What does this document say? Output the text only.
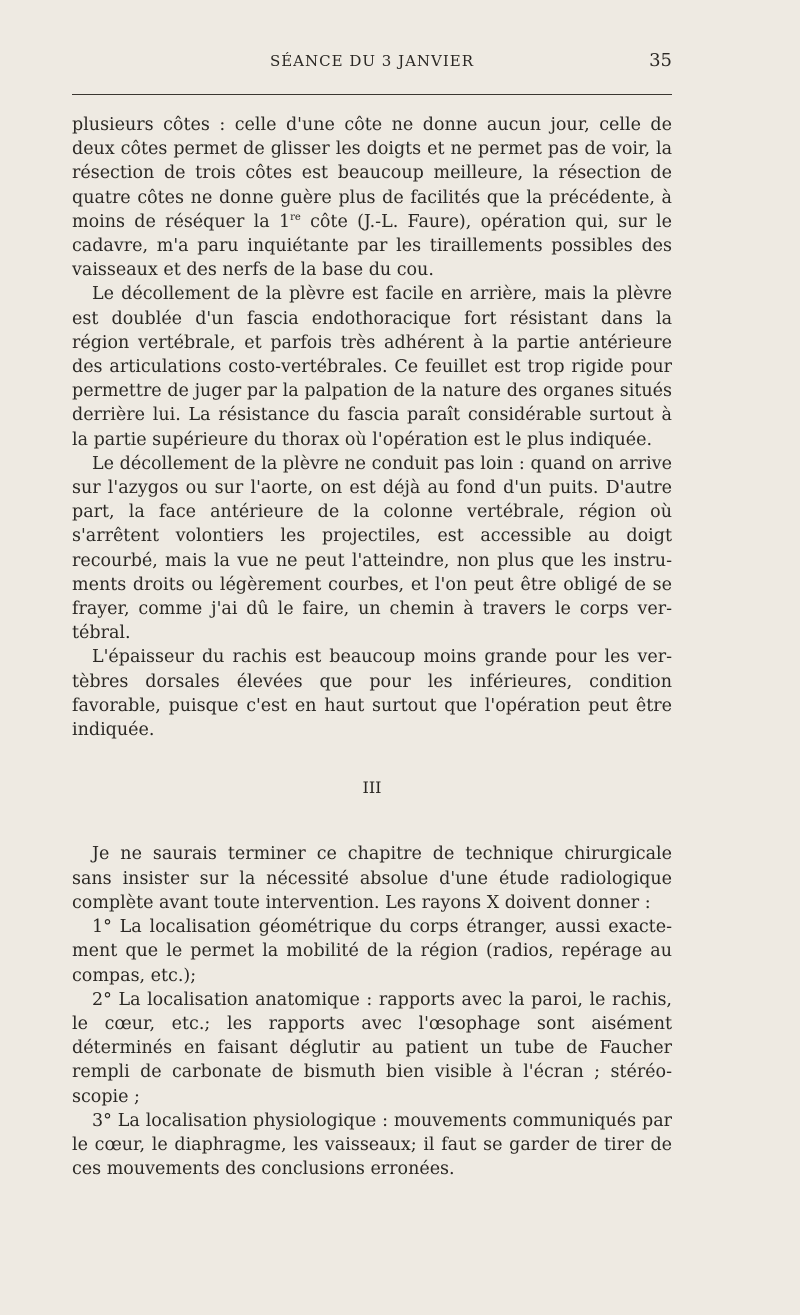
SÉANCE DU 3 JANVIER	35

plusieurs côtes : celle d'une côte ne donne aucun jour, celle de deux côtes permet de glisser les doigts et ne permet pas de voir, la résection de trois côtes est beaucoup meilleure, la résection de quatre côtes ne donne guère plus de facilités que la précédente, à moins de réséquer la 1re côte (J.-L. Faure), opération qui, sur le cadavre, m'a paru inquiétante par les tiraillements possibles des vaisseaux et des nerfs de la base du cou.

Le décollement de la plèvre est facile en arrière, mais la plèvre est doublée d'un fascia endothoracique fort résistant dans la région vertébrale, et parfois très adhérent à la partie antérieure des articulations costo-vertébrales. Ce feuillet est trop rigide pour permettre de juger par la palpation de la nature des organes situés derrière lui. La résistance du fascia paraît considérable surtout à la partie supérieure du thorax où l'opération est le plus indiquée.

Le décollement de la plèvre ne conduit pas loin : quand on arrive sur l'azygos ou sur l'aorte, on est déjà au fond d'un puits. D'autre part, la face antérieure de la colonne vertébrale, région où s'arrêtent volontiers les projectiles, est accessible au doigt recourbé, mais la vue ne peut l'atteindre, non plus que les instru-ments droits ou légèrement courbes, et l'on peut être obligé de se frayer, comme j'ai dû le faire, un chemin à travers le corps ver-tébral.

L'épaisseur du rachis est beaucoup moins grande pour les ver-tèbres dorsales élevées que pour les inférieures, condition favorable, puisque c'est en haut surtout que l'opération peut être indiquée.

III

Je ne saurais terminer ce chapitre de technique chirurgicale sans insister sur la nécessité absolue d'une étude radiologique complète avant toute intervention. Les rayons X doivent donner :

1° La localisation géométrique du corps étranger, aussi exacte-ment que le permet la mobilité de la région (radios, repérage au compas, etc.);

2° La localisation anatomique : rapports avec la paroi, le rachis, le cœur, etc.; les rapports avec l'œsophage sont aisément déterminés en faisant déglutir au patient un tube de Faucher rempli de carbonate de bismuth bien visible à l'écran ; stéréo-scopie ;

3° La localisation physiologique : mouvements communiqués par le cœur, le diaphragme, les vaisseaux; il faut se garder de tirer de ces mouvements des conclusions erronées.
